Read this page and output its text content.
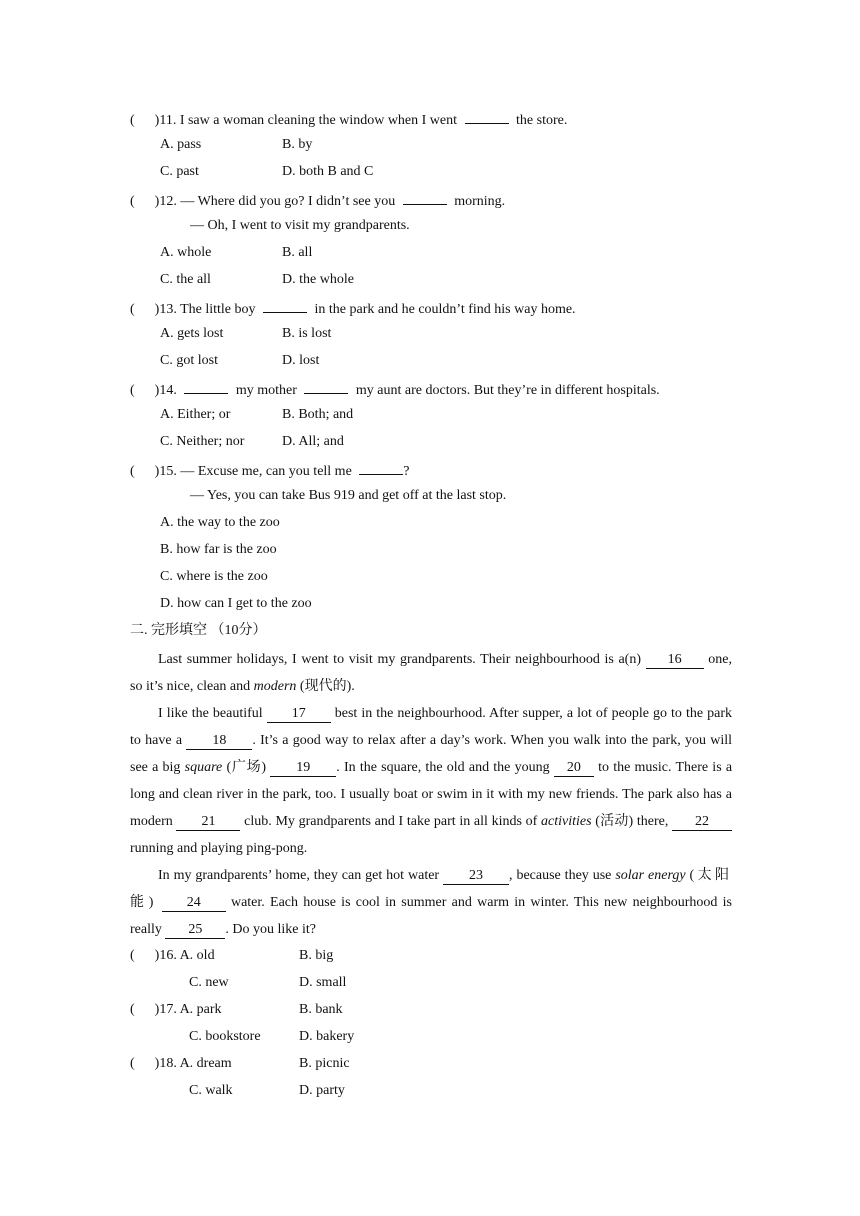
( )11. I saw a woman cleaning the window when I went	the store.
A. pass	B. by
C. past	D. both B and C
( )12. — Where did you go? I didn’t see you	morning.
— Oh, I went to visit my grandparents.
A. whole	B. all
C. the all	D. the whole
( )13. The little boy	in the park and he couldn’t find his way home.
A. gets lost	B. is lost
C. got lost	D. lost
( )14.	my mother	my aunt are doctors. But they’re in different hospitals.
A. Either; or	B. Both; and
C. Neither; nor	D. All; and
( )15. — Excuse me, can you tell me	?
— Yes, you can take Bus 919 and get off at the last stop.
A. the way to the zoo
B. how far is the zoo
C. where is the zoo
D. how can I get to the zoo
二. 完形填空 （10分）
Last summer holidays, I went to visit my grandparents. Their neighbourhood is a(n) 16 one, so it’s nice, clean and modern (现代的).
I like the beautiful 17 best in the neighbourhood. After supper, a lot of people go to the park to have a 18 . It’s a good way to relax after a day’s work. When you walk into the park, you will see a big square (广场) 19 . In the square, the old and the young 20 to the music. There is a long and clean river in the park, too. I usually boat or swim in it with my new friends. The park also has a modern 21 club. My grandparents and I take part in all kinds of activities (活动) there, 22 running and playing ping-pong.
In my grandparents’ home, they can get hot water 23 , because they use solar energy (太阳能) 24 water. Each house is cool in summer and warm in winter. This new neighbourhood is really 25 . Do you like it?
( )16. A. old	B. big
C. new	D. small
( )17. A. park	B. bank
C. bookstore	D. bakery
( )18. A. dream	B. picnic
C. walk	D. party
